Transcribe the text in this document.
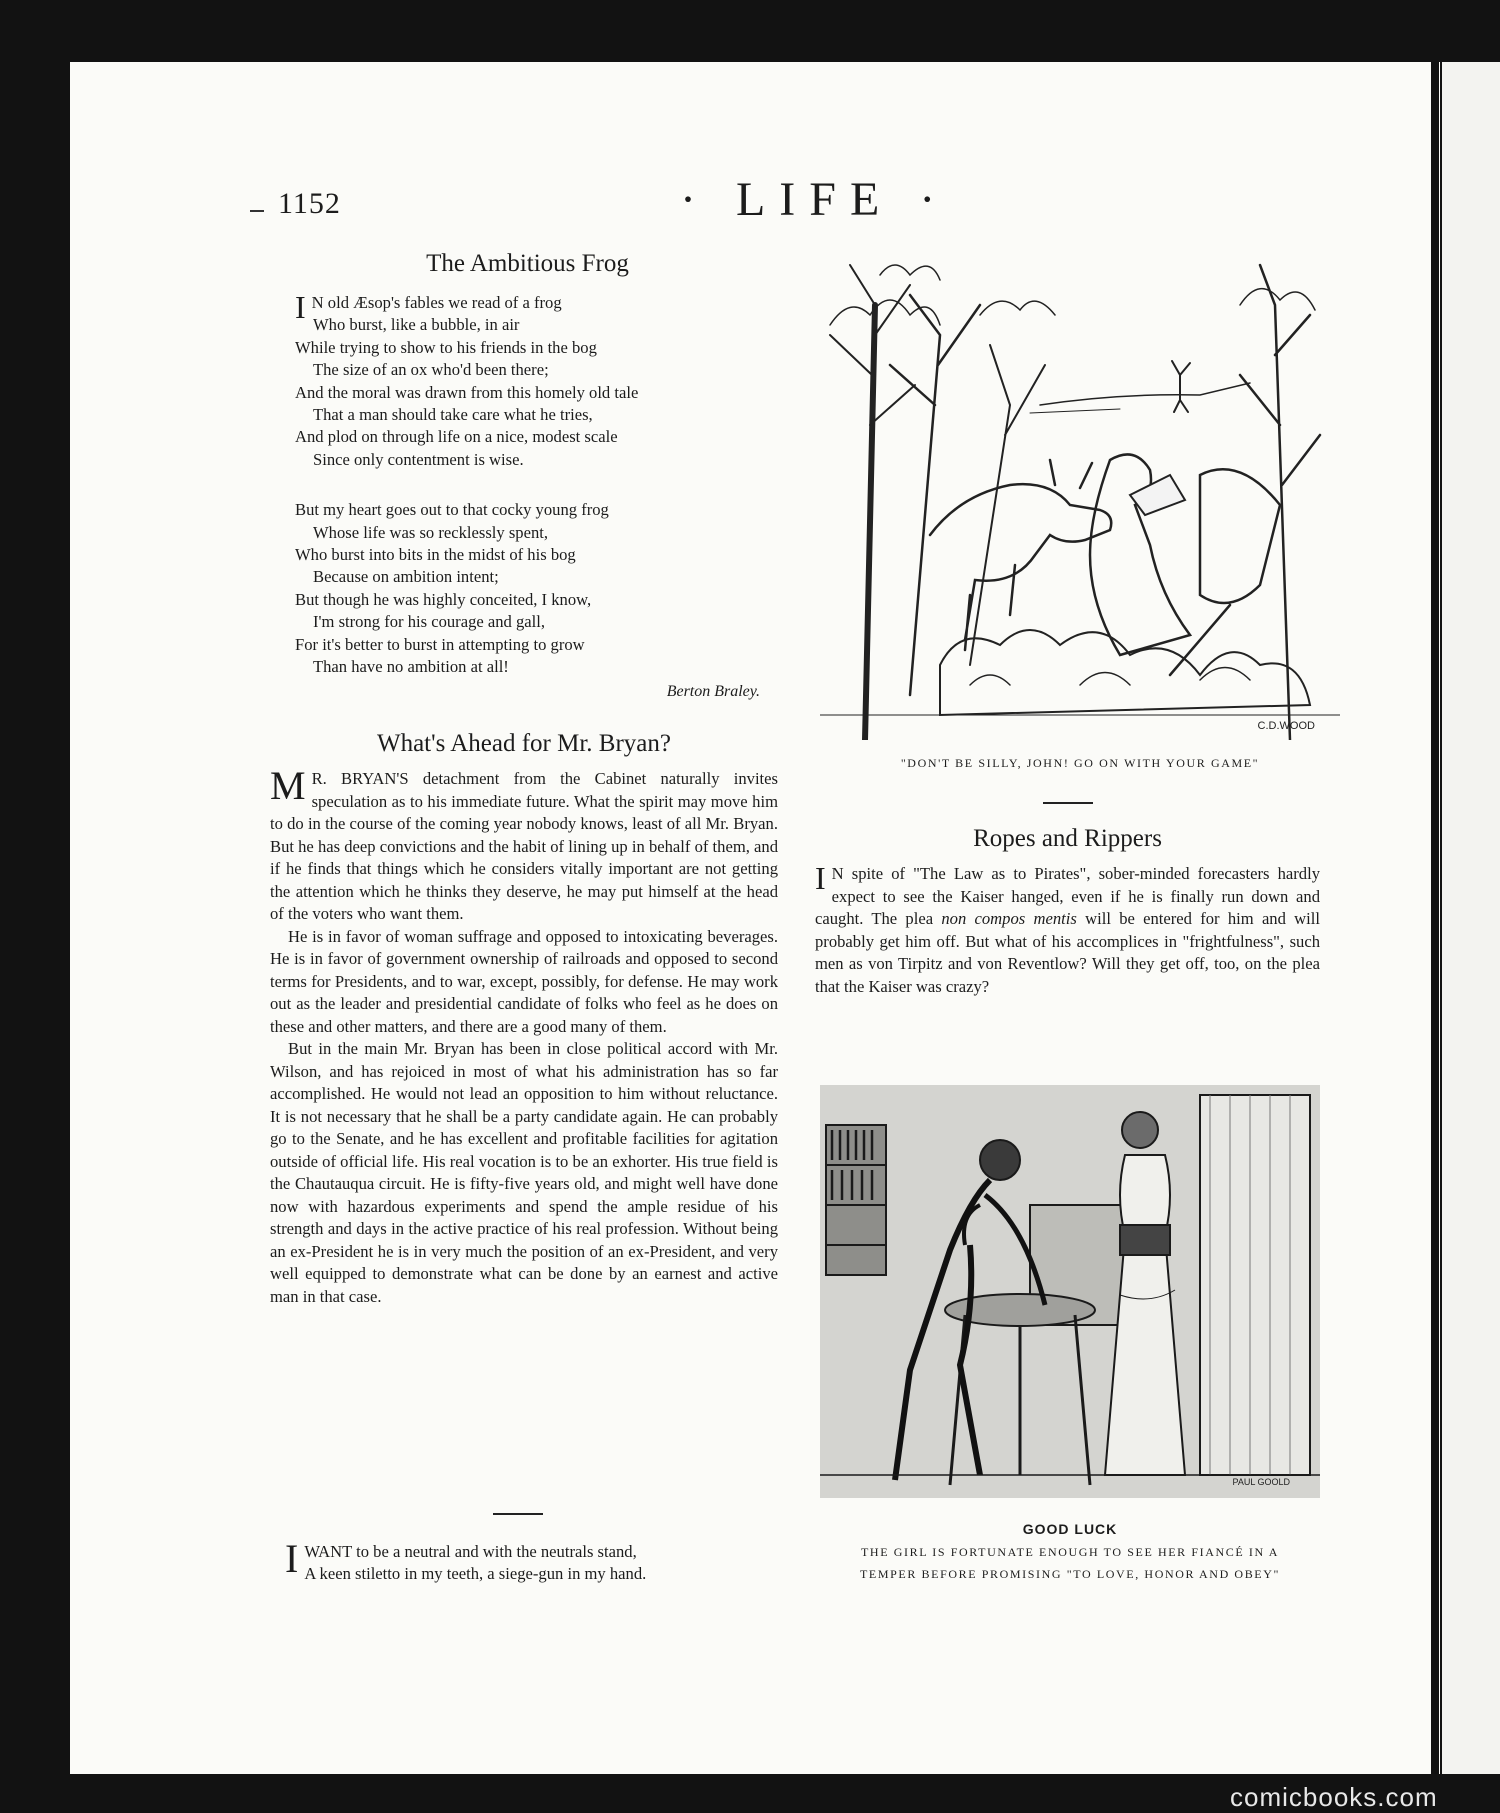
1152	· LIFE ·
The Ambitious Frog
I N old Æsop's fables we read of a frog
Who burst, like a bubble, in air
While trying to show to his friends in the bog
The size of an ox who'd been there;
And the moral was drawn from this homely old tale
That a man should take care what he tries,
And plod on through life on a nice, modest scale
Since only contentment is wise.
But my heart goes out to that cocky young frog
Whose life was so recklessly spent,
Who burst into bits in the midst of his bog
Because on ambition intent;
But though he was highly conceited, I know,
I'm strong for his courage and gall,
For it's better to burst in attempting to grow
Than have no ambition at all!
Berton Braley.
What's Ahead for Mr. Bryan?

M R. BRYAN'S detachment from the Cabinet naturally invites speculation as to his immediate future. What the spirit may move him to do in the course of the coming year nobody knows, least of all Mr. Bryan. But he has deep convictions and the habit of lining up in behalf of them, and if he finds that things which he considers vitally important are not getting the attention which he thinks they deserve, he may put himself at the head of the voters who want them.

He is in favor of woman suffrage and opposed to intoxicating beverages. He is in favor of government ownership of railroads and opposed to second terms for Presidents, and to war, except, possibly, for defense. He may work out as the leader and presidential candidate of folks who feel as he does on these and other matters, and there are a good many of them.

But in the main Mr. Bryan has been in close political accord with Mr. Wilson, and has rejoiced in most of what his administration has so far accomplished. He would not lead an opposition to him without reluctance. It is not necessary that he shall be a party candidate again. He can probably go to the Senate, and he has excellent and profitable facilities for agitation outside of official life. His real vocation is to be an exhorter. His true field is the Chautauqua circuit. He is fifty-five years old, and might well have done now with hazardous experiments and spend the ample residue of his strength and days in the active practice of his real profession. Without being an ex-President he is in very much the position of an ex-President, and very well equipped to demonstrate what can be done by an earnest and active man in that case.

I WANT to be a neutral and with the neutrals stand,
A keen stiletto in my teeth, a siege-gun in my hand.
C.D.WOOD
"DON'T BE SILLY, JOHN! GO ON WITH YOUR GAME"
Ropes and Rippers

I N spite of "The Law as to Pirates", sober-minded forecasters hardly expect to see the Kaiser hanged, even if he is finally run down and caught. The plea non compos mentis will be entered for him and will probably get him off. But what of his accomplices in "frightfulness", such men as von Tirpitz and von Reventlow? Will they get off, too, on the plea that the Kaiser was crazy?

PAUL GOOLD
GOOD LUCK
THE GIRL IS FORTUNATE ENOUGH TO SEE HER FIANCÉ IN A
TEMPER BEFORE PROMISING "TO LOVE, HONOR AND OBEY"
comicbooks.com
